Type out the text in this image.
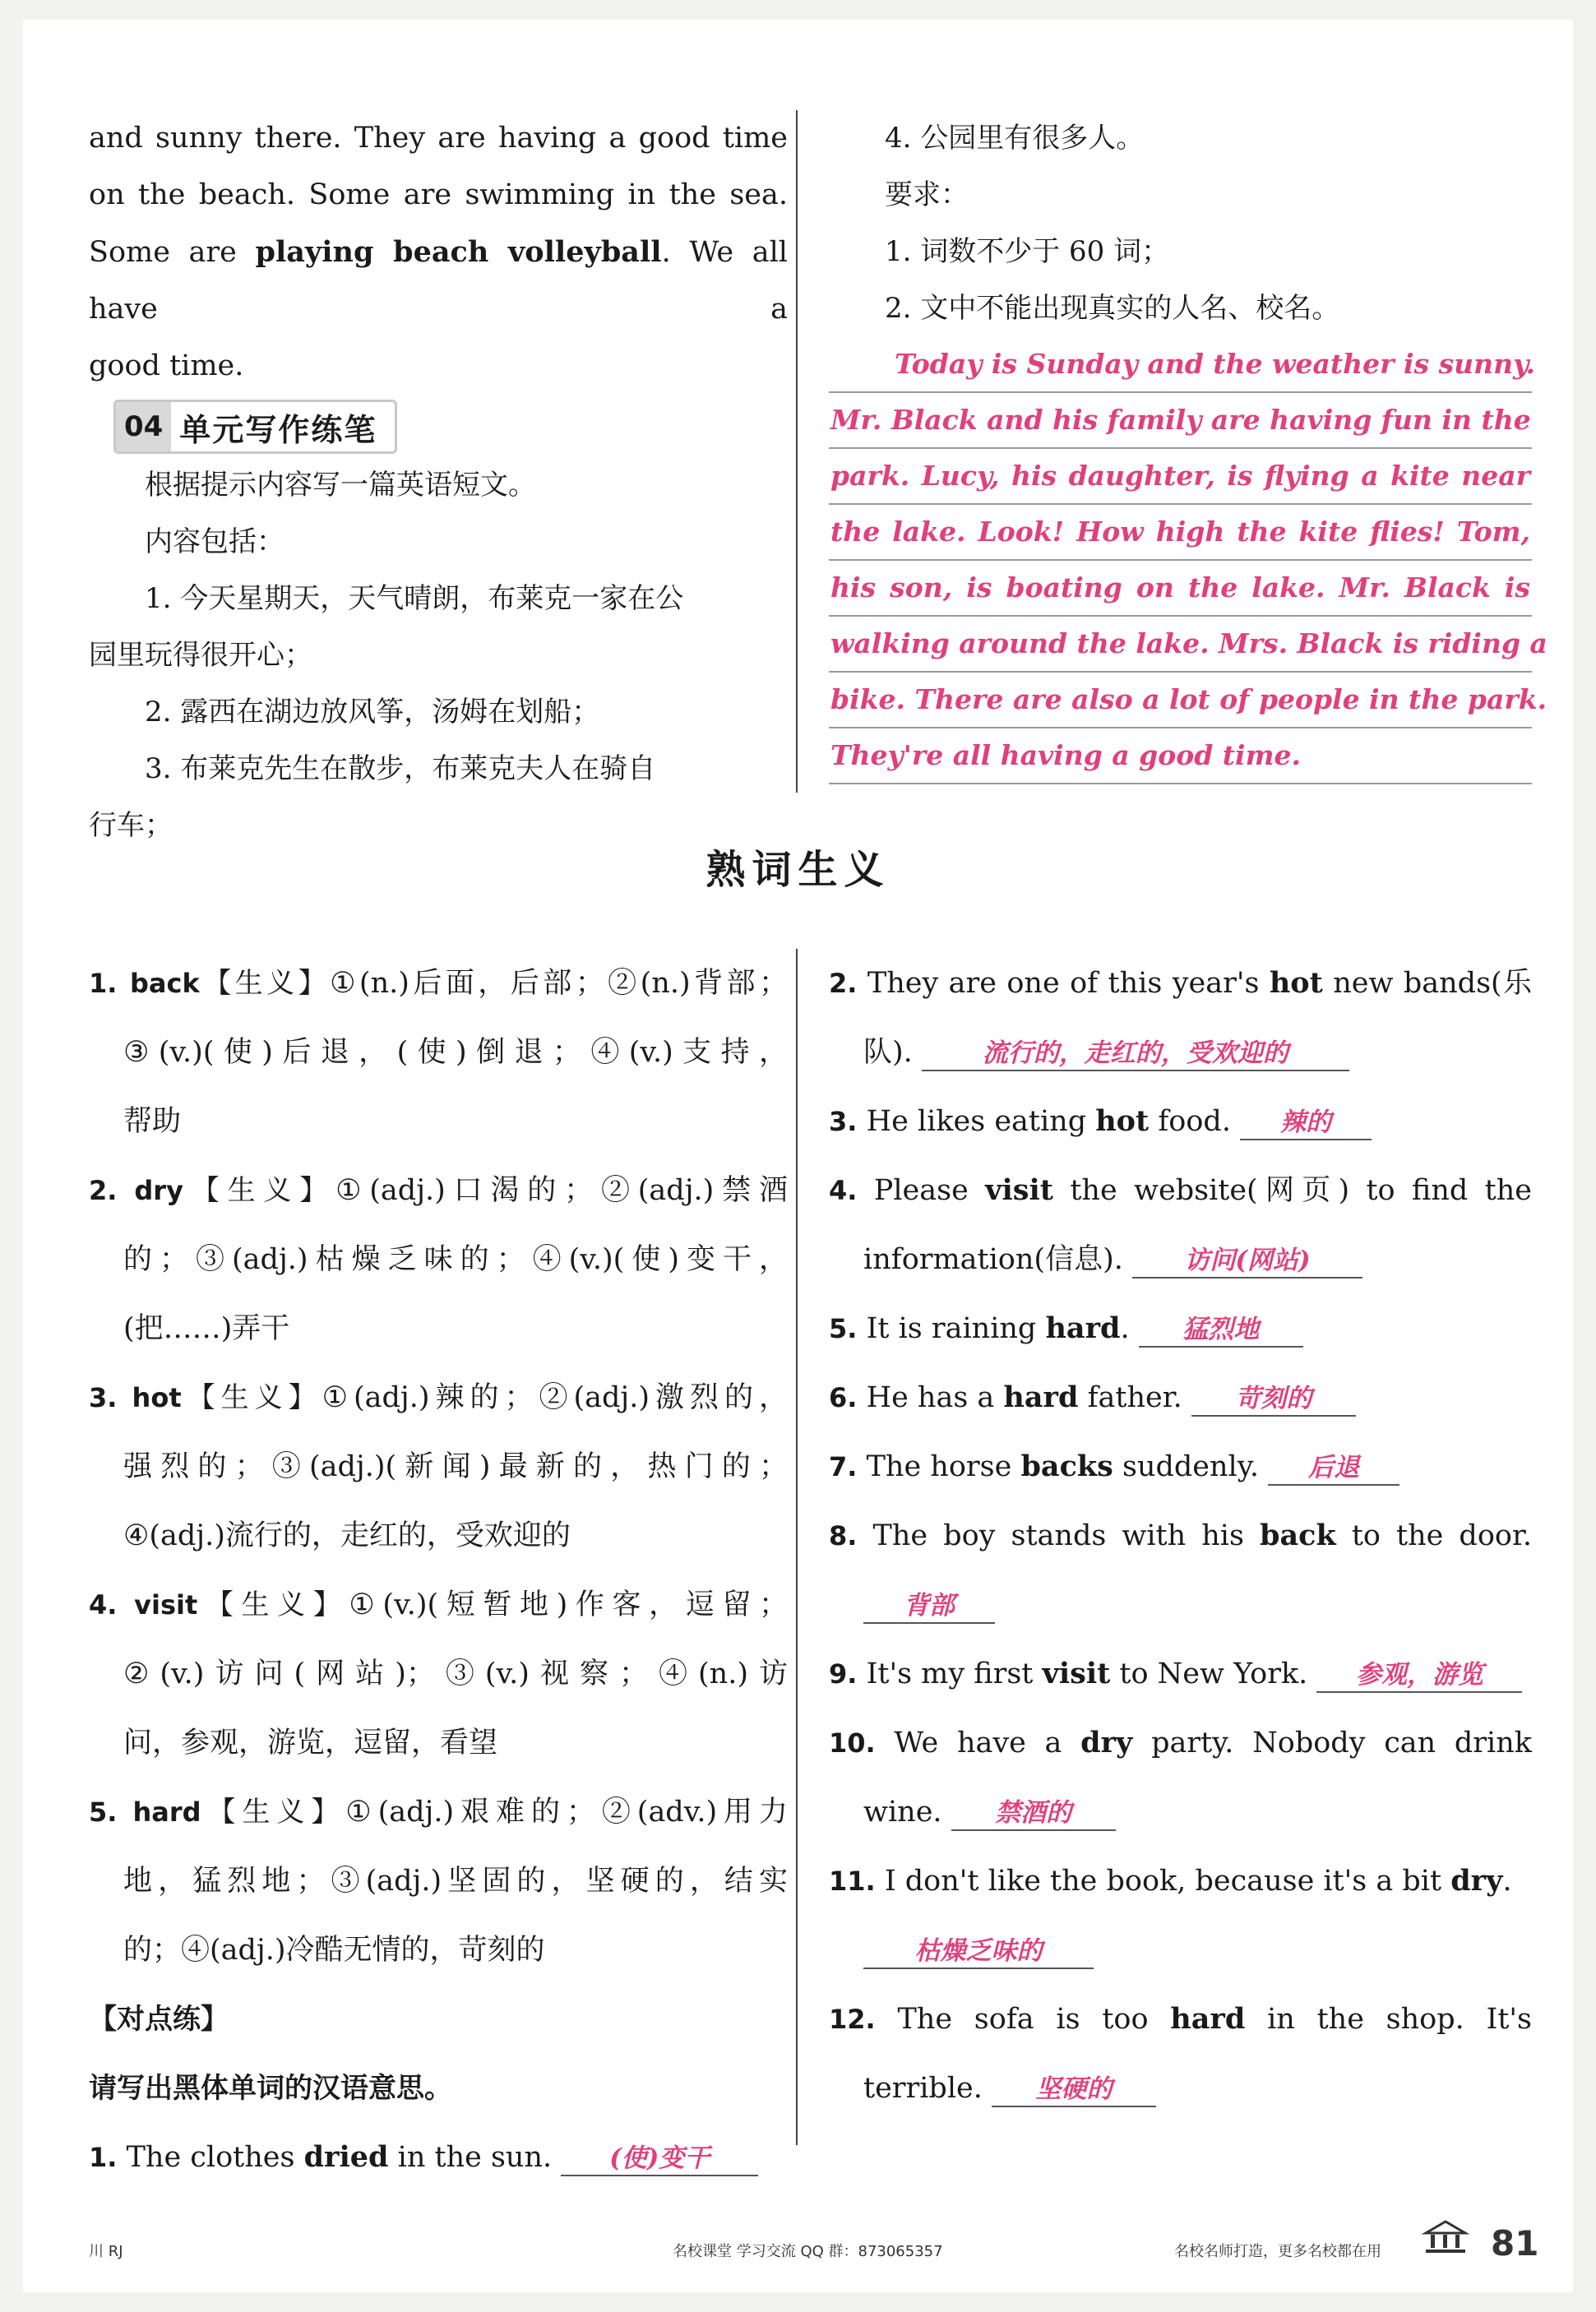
and sunny there. They are having a good time

on the beach. Some are swimming in the sea.

Some are playing beach volleyball. We all have a

good time.

04 单元写作练笔

根据提示内容写一篇英语短文。

内容包括：

1. 今天星期天，天气晴朗，布莱克一家在公

园里玩得很开心；

2. 露西在湖边放风筝，汤姆在划船；

3. 布莱克先生在散步，布莱克夫人在骑自

行车；

4. 公园里有很多人。

要求：

1. 词数不少于 60 词；

2. 文中不能出现真实的人名、校名。

Today is Sunday and the weather is sunny.
Mr. Black and his family are having fun in the
park. Lucy, his daughter, is flying a kite near
the lake. Look! How high the kite flies! Tom,
his son, is boating on the lake. Mr. Black is
walking around the lake. Mrs. Black is riding a
bike. There are also a lot of people in the park.
They're all having a good time.
熟词生义
1. back【生义】①(n.)后面，后部；②(n.)背部；
③(v.)(使)后退，(使)倒退；④(v.)支持，
帮助
2. dry【生义】①(adj.)口渴的；②(adj.)禁酒
的；③(adj.)枯燥乏味的；④(v.)(使)变干，
(把……)弄干
3. hot【生义】①(adj.)辣的；②(adj.)激烈的，
强烈的；③(adj.)(新闻)最新的，热门的；
④(adj.)流行的，走红的，受欢迎的
4. visit【生义】①(v.)(短暂地)作客，逗留；
②(v.)访问(网站)；③(v.)视察；④(n.)访
问，参观，游览，逗留，看望
5. hard【生义】①(adj.)艰难的；②(adv.)用力
地，猛烈地；③(adj.)坚固的，坚硬的，结实
的；④(adj.)冷酷无情的，苛刻的
【对点练】
请写出黑体单词的汉语意思。
1. The clothes dried in the sun. (使)变干
2. They are one of this year's hot new bands(乐
队).	流行的，走红的，受欢迎的
3. He likes eating hot food. 辣的
4. Please visit the website(网页) to find the
information(信息). 访问(网站)
5. It is raining hard. 猛烈地
6. He has a hard father. 苛刻的
7. The horse backs suddenly. 后退
8. The boy stands with his back to the door.
背部
9. It's my first visit to New York. 参观，游览
10. We have a dry party. Nobody can drink
wine. 禁酒的
11. I don't like the book, because it's a bit dry.
枯燥乏味的
12. The sofa is too hard in the shop. It's
terrible. 坚硬的
川 RJ	名校课堂 学习交流 QQ 群：873065357	名校名师打造，更多名校都在用	81
